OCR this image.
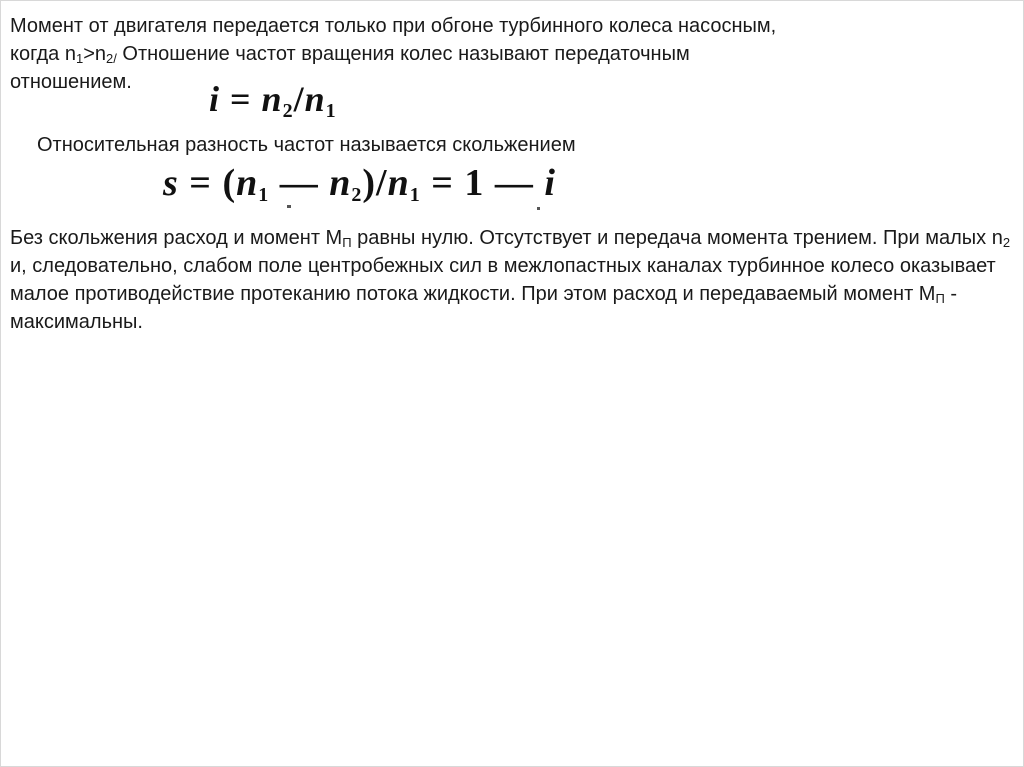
Момент от двигателя передается только при обгоне турбинного колеса насосным,
когда $n_1>n_{2/}$ Отношение частот вращения колес называют передаточным
отношением.	$i = n_2/n_1$

Относительная разность частот называется скольжением

$s = (n_1$ — $n_2)/n_1 = 1$ — i

Без скольжения расход и момент $М_П$ равны нулю. Отсутствует и передача момента трением. При малых $n_2$ и, следовательно, слабом поле центробежных сил в межлопастных каналах турбинное колесо оказывает малое противодействие протеканию потока жидкости. При этом расход и передаваемый момент $М_П$ - максимальны.
